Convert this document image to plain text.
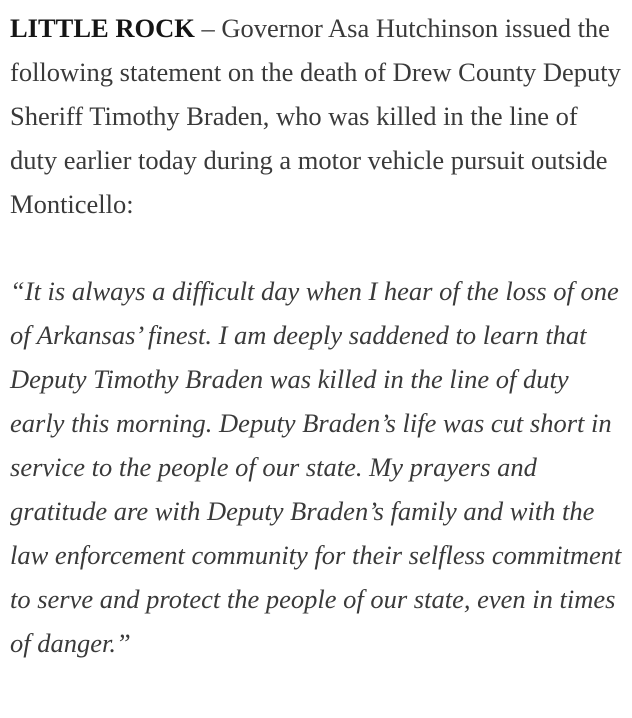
LITTLE ROCK – Governor Asa Hutchinson issued the following statement on the death of Drew County Deputy Sheriff Timothy Braden, who was killed in the line of duty earlier today during a motor vehicle pursuit outside Monticello:

“It is always a difficult day when I hear of the loss of one of Arkansas’ finest. I am deeply saddened to learn that Deputy Timothy Braden was killed in the line of duty early this morning. Deputy Braden’s life was cut short in service to the people of our state. My prayers and gratitude are with Deputy Braden’s family and with the law enforcement community for their selfless commitment to serve and protect the people of our state, even in times of danger.”
